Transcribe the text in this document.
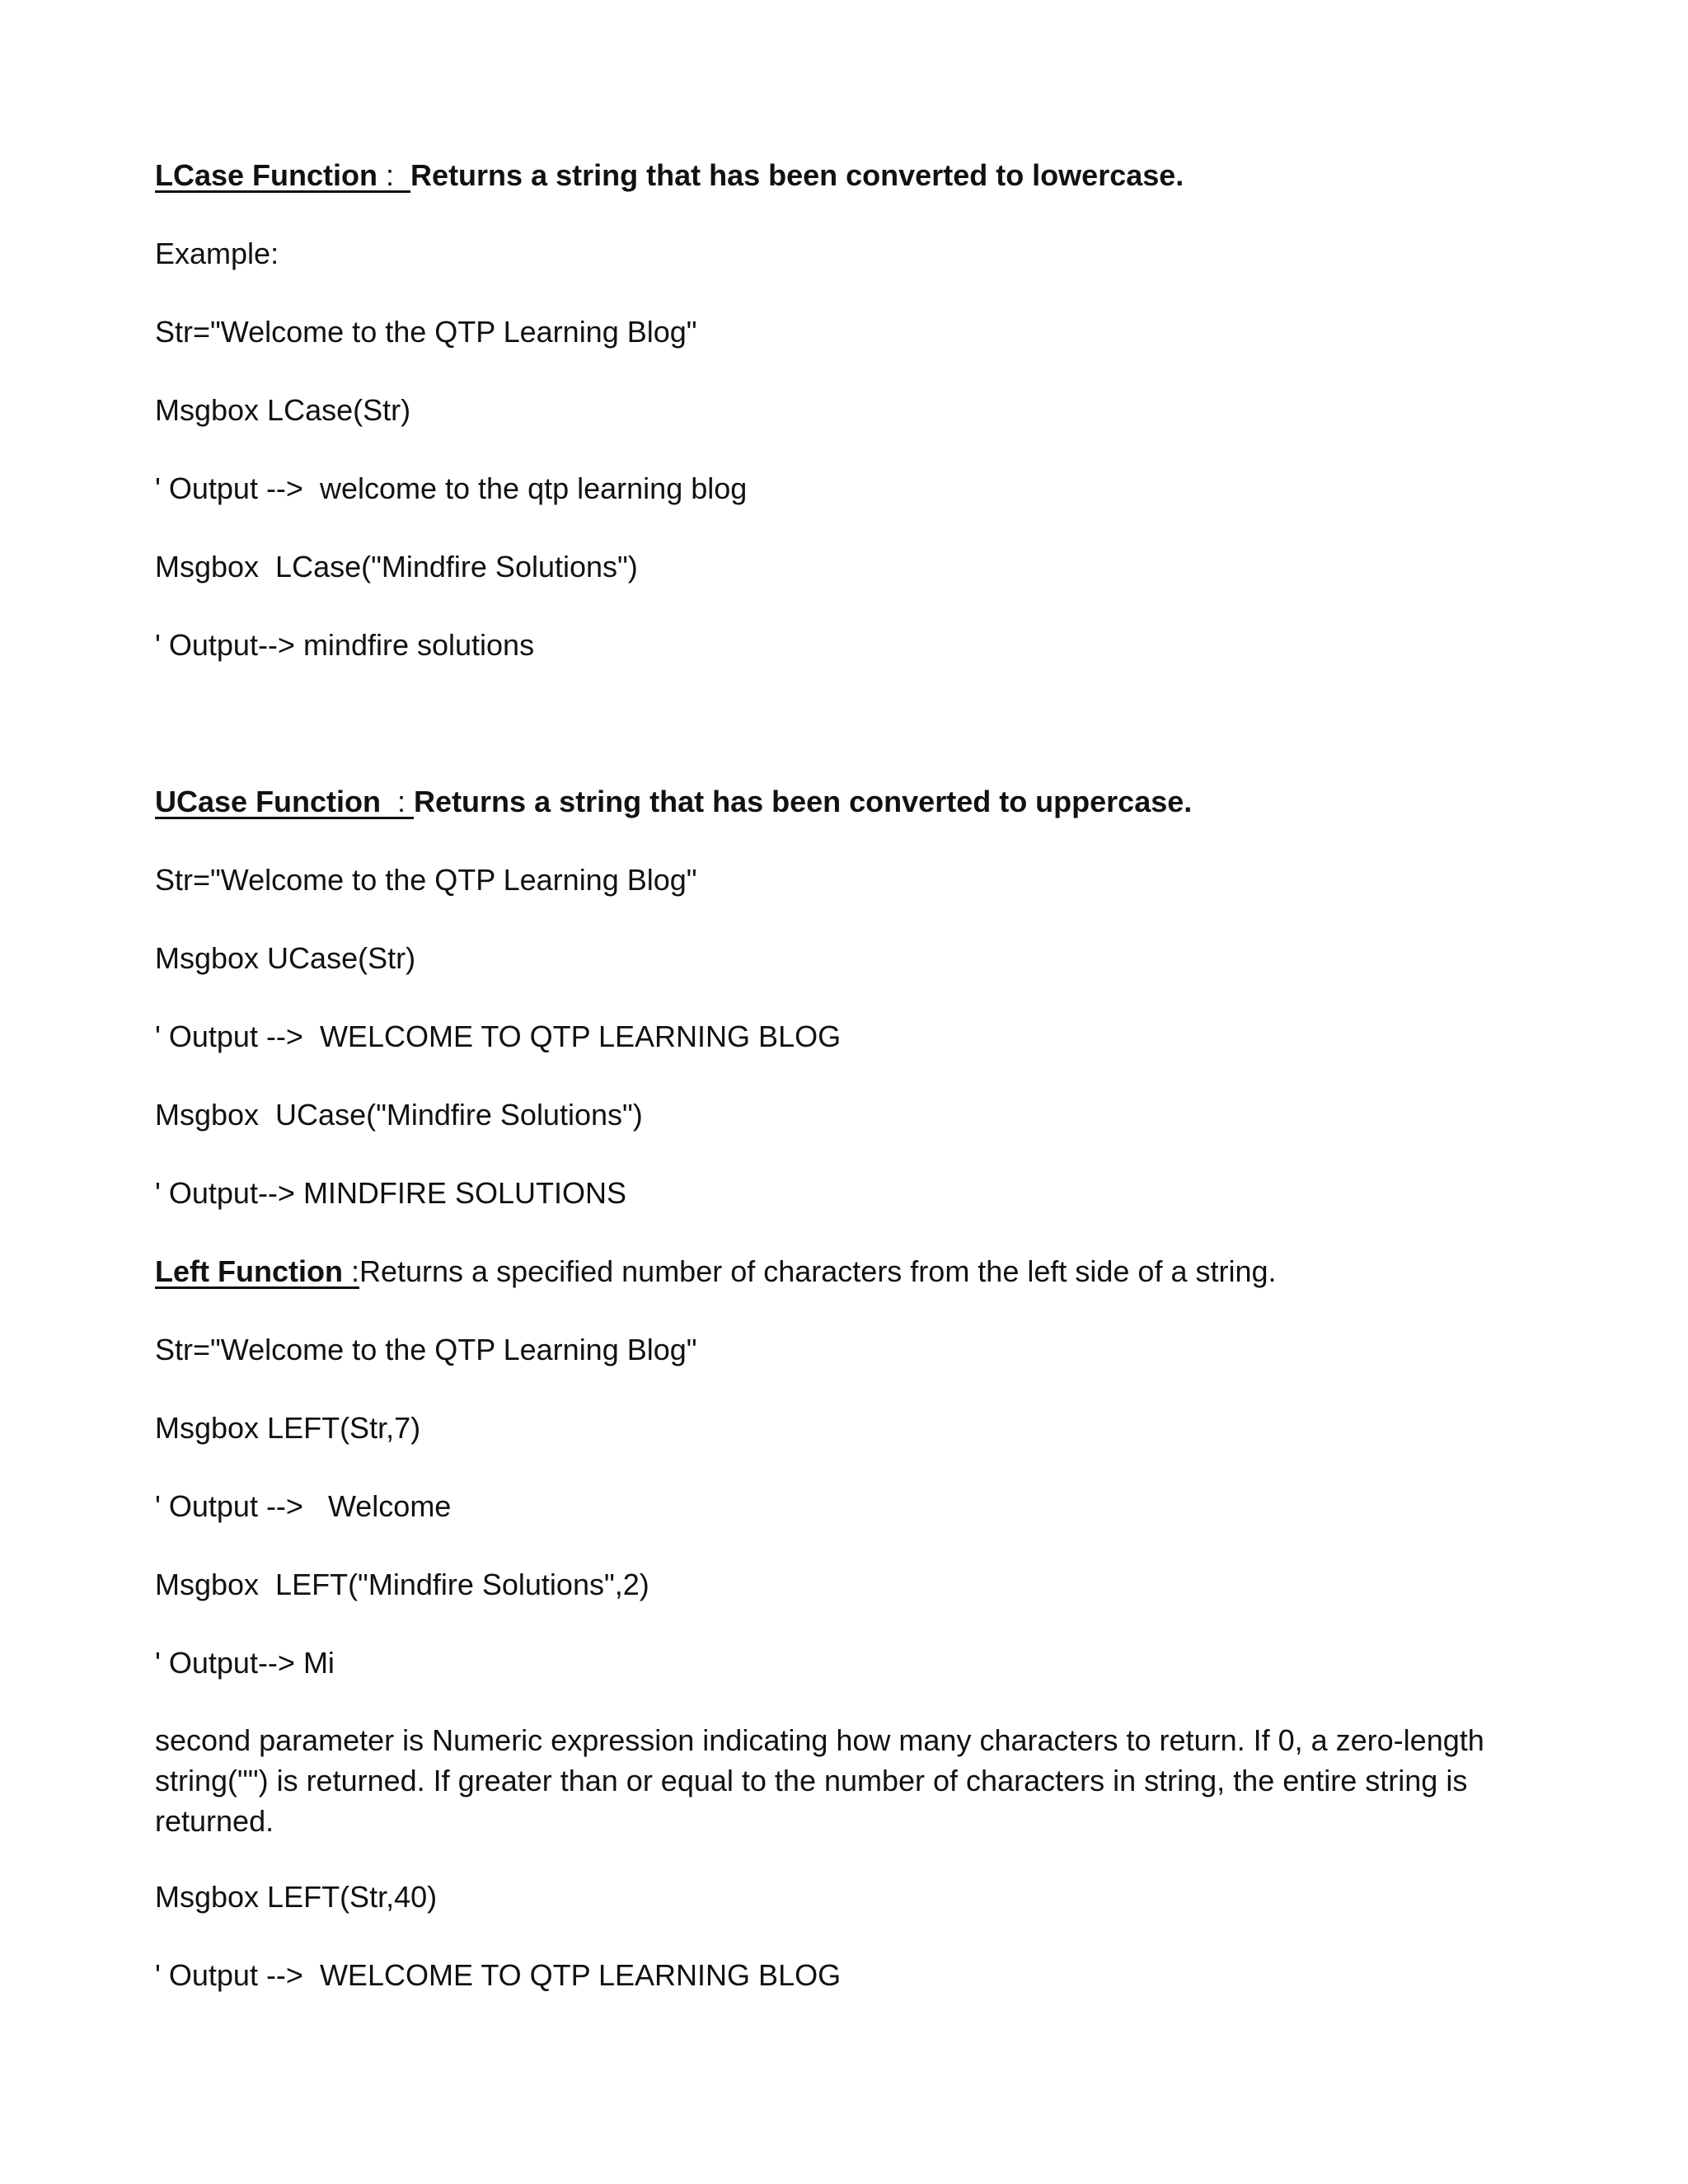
LCase Function :  Returns a string that has been converted to lowercase.
Example:
Str="Welcome to the QTP Learning Blog"
Msgbox LCase(Str)
' Output -->  welcome to the qtp learning blog
Msgbox  LCase("Mindfire Solutions")
' Output--> mindfire solutions
UCase Function  : Returns a string that has been converted to uppercase.
Str="Welcome to the QTP Learning Blog"
Msgbox UCase(Str)
' Output -->  WELCOME TO QTP LEARNING BLOG
Msgbox  UCase("Mindfire Solutions")
' Output--> MINDFIRE SOLUTIONS
Left Function :Returns a specified number of characters from the left side of a string.
Str="Welcome to the QTP Learning Blog"
Msgbox LEFT(Str,7)
' Output -->   Welcome
Msgbox  LEFT("Mindfire Solutions",2)
' Output--> Mi
second parameter is Numeric expression indicating how many characters to return. If 0, a zero-length string("") is returned. If greater than or equal to the number of characters in string, the entire string is returned.
Msgbox LEFT(Str,40)
' Output -->  WELCOME TO QTP LEARNING BLOG
